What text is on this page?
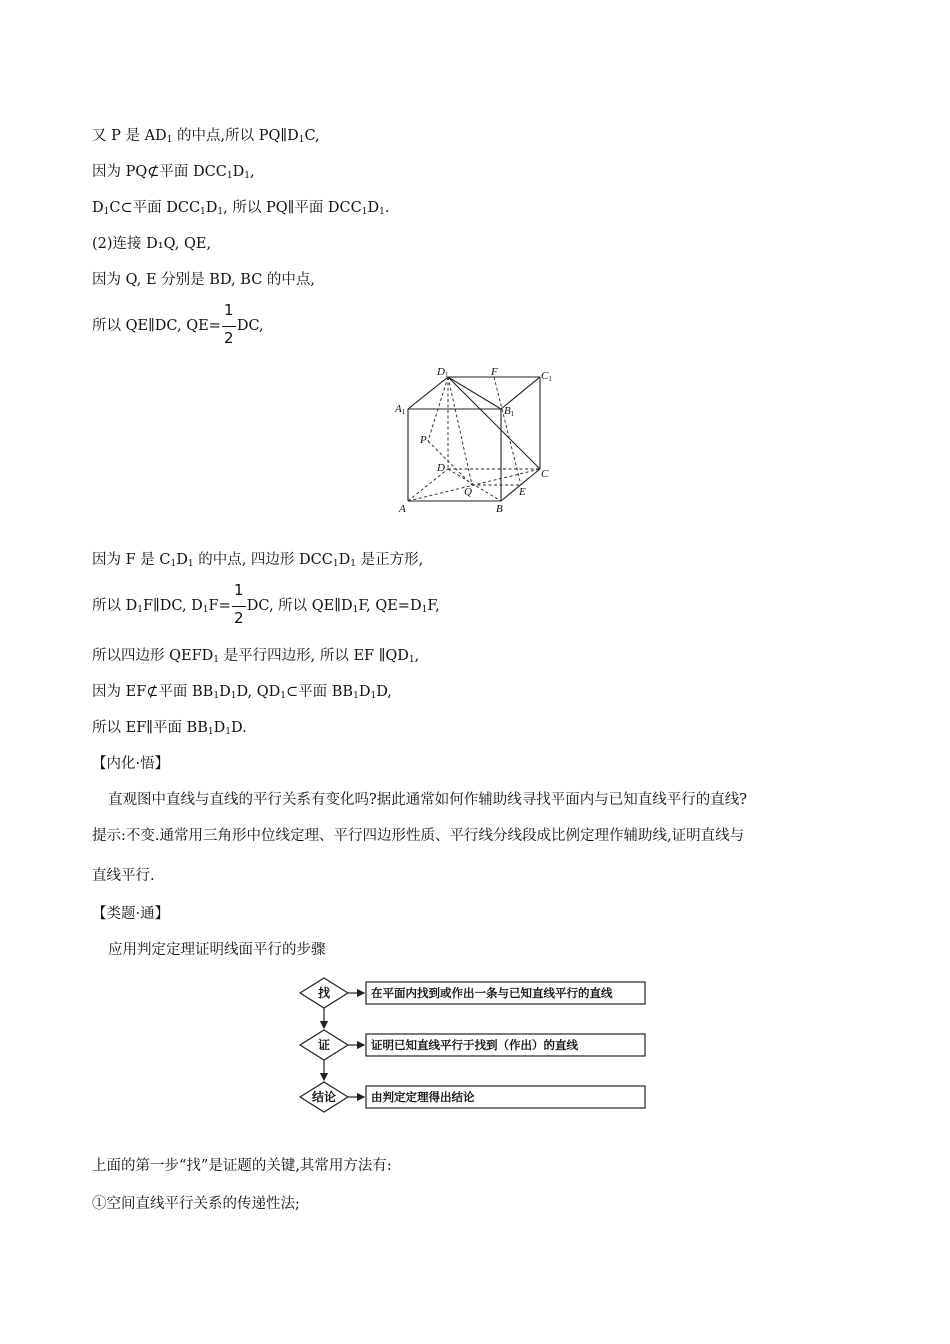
又 P 是 $AD_1$ 的中点,所以 $PQ\parallel D_1C$,
因为 PQ⊄平面 $DCC_1D_1$,
$D_1C\subset$平面 $DCC_1D_1$, 所以 PQ∥平面 $DCC_1D_1$.
(2)连接 D₁Q, QE,
因为 Q, E 分别是 BD, BC 的中点,
所以 QE∥DC, $QE= \frac{1}{2}$ DC,
D1	F	C1
A1	B1
P
D	C
Q	E
A	B
因为 F 是 $C_1D_1$ 的中点, 四边形 $DCC_1D_1$ 是正方形,
所以 $D_1F\parallel DC$, $D_1F= \frac{1}{2}$ DC, 所以 $QE\parallel D_1F$, $QE=D_1F$,
所以四边形 $QEFD_1$ 是平行四边形, 所以 EF $\parallel QD_1$,
因为 EF⊄平面 $BB_1D_1D$, $QD_1\subset$平面 $BB_1D_1D$,
所以 EF∥平面 $BB_1D_1D$.
【内化·悟】
直观图中直线与直线的平行关系有变化吗?据此通常如何作辅助线寻找平面内与已知直线平行的直线?
提示:不变.通常用三角形中位线定理、平行四边形性质、平行线分线段成比例定理作辅助线,证明直线与
直线平行.
【类题·通】
应用判定定理证明线面平行的步骤
找
证
结论
在平面内找到或作出一条与已知直线平行的直线
证明已知直线平行于找到（作出）的直线
由判定定理得出结论
上面的第一步“找”是证题的关键,其常用方法有:
①空间直线平行关系的传递性法;
